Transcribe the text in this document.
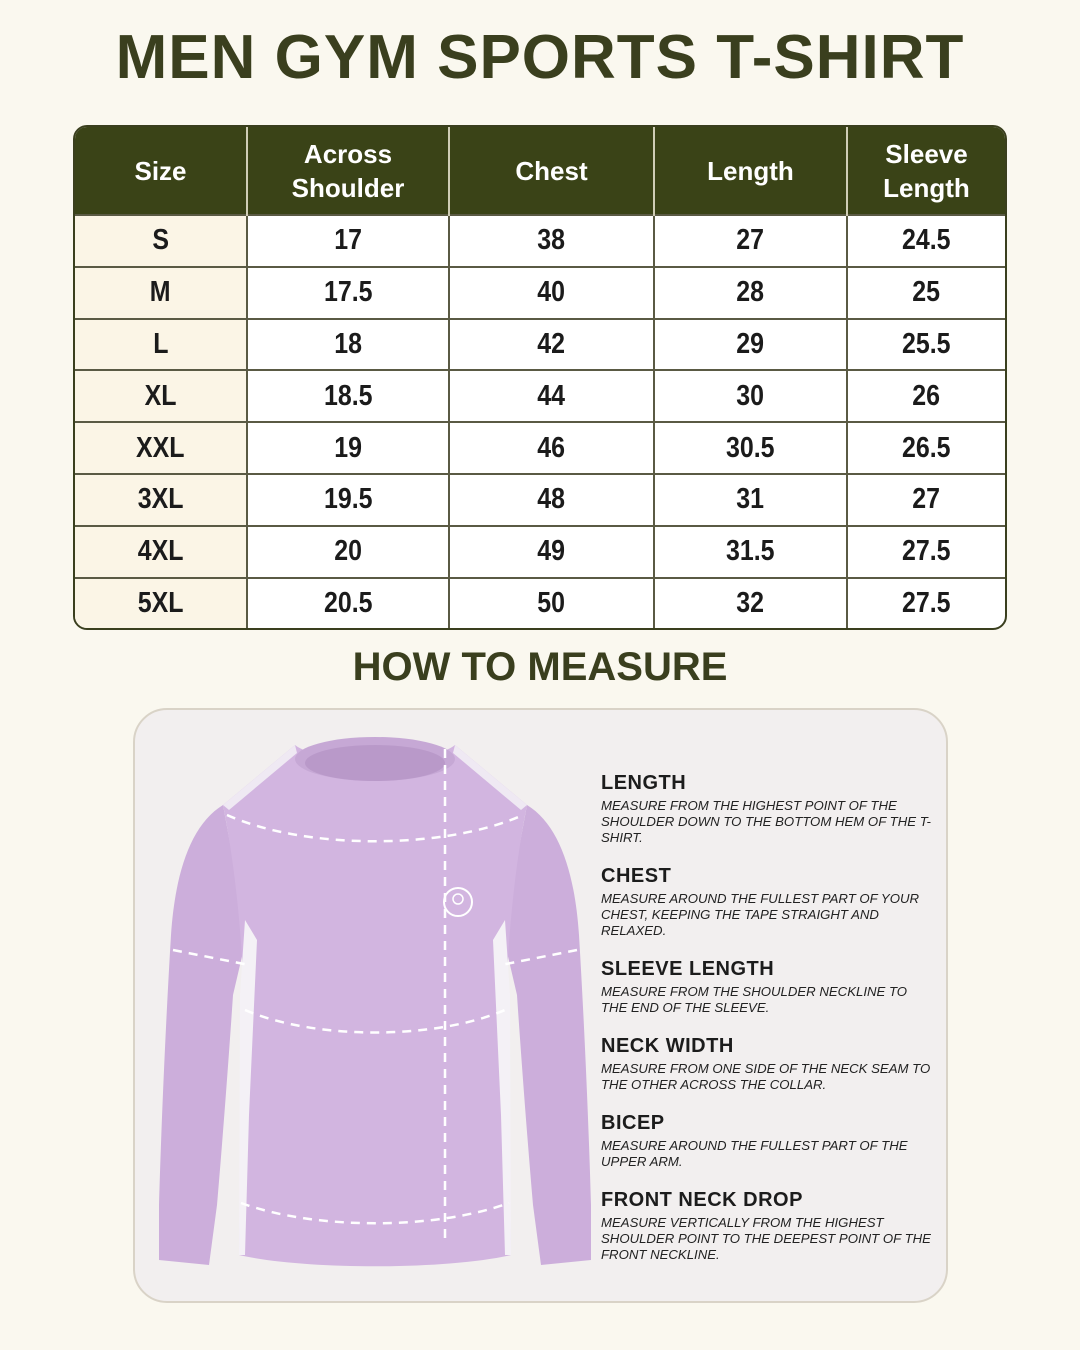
MEN GYM SPORTS T-SHIRT
Size	Across Shoulder	Chest	Length	Sleeve Length
S	17	38	27	24.5
M	17.5	40	28	25
L	18	42	29	25.5
XL	18.5	44	30	26
XXL	19	46	30.5	26.5
3XL	19.5	48	31	27
4XL	20	49	31.5	27.5
5XL	20.5	50	32	27.5
HOW TO MEASURE
LENGTH
MEASURE FROM THE HIGHEST POINT OF THE SHOULDER DOWN TO THE BOTTOM HEM OF THE T-SHIRT.
CHEST
MEASURE AROUND THE FULLEST PART OF YOUR CHEST, KEEPING THE TAPE STRAIGHT AND RELAXED.
SLEEVE LENGTH
MEASURE FROM THE SHOULDER NECKLINE TO THE END OF THE SLEEVE.
NECK WIDTH
MEASURE FROM ONE SIDE OF THE NECK SEAM TO THE OTHER ACROSS THE COLLAR.
BICEP
MEASURE AROUND THE FULLEST PART OF THE UPPER ARM.
FRONT NECK DROP
MEASURE VERTICALLY FROM THE HIGHEST SHOULDER POINT TO THE DEEPEST POINT OF THE FRONT NECKLINE.
